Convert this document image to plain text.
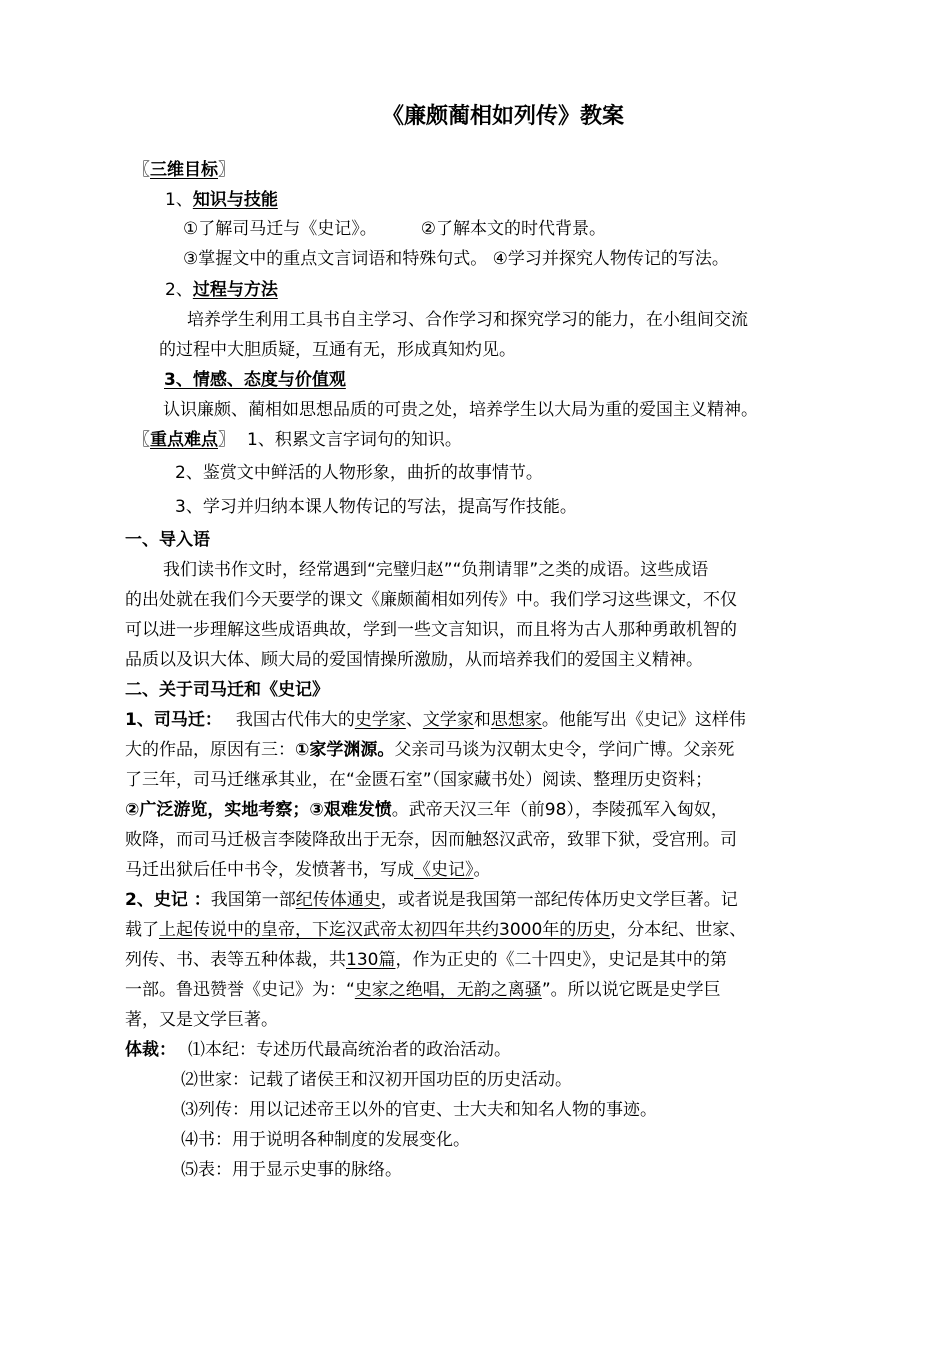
《廉颇蔺相如列传》教案
〖三维目标〗
1、知识与技能
①了解司马迁与《史记》。	②了解本文的时代背景。
③掌握文中的重点文言词语和特殊句式。 ④学习并探究人物传记的写法。
2、过程与方法
培养学生利用工具书自主学习、合作学习和探究学习的能力，在小组间交流
的过程中大胆质疑，互通有无，形成真知灼见。
3、情感、态度与价值观
认识廉颇、蔺相如思想品质的可贵之处，培养学生以大局为重的爱国主义精神。
〖重点难点〗 1、积累文言字词句的知识。
2、鉴赏文中鲜活的人物形象，曲折的故事情节。
3、学习并归纳本课人物传记的写法，提高写作技能。
一、导入语
我们读书作文时，经常遇到“完璧归赵”“负荆请罪”之类的成语。这些成语
的出处就在我们今天要学的课文《廉颇蔺相如列传》中。我们学习这些课文，不仅
可以进一步理解这些成语典故，学到一些文言知识，而且将为古人那种勇敢机智的
品质以及识大体、顾大局的爱国情操所激励，从而培养我们的爱国主义精神。
二、关于司马迁和《史记》
1、司马迁： 我国古代伟大的史学家、文学家和思想家。他能写出《史记》这样伟
大的作品，原因有三：①家学渊源。父亲司马谈为汉朝太史令，学问广博。父亲死
了三年，司马迁继承其业，在“金匮石室”（国家藏书处）阅读、整理历史资料；
②广泛游览，实地考察；③艰难发愤。武帝天汉三年（前98），李陵孤军入匈奴，
败降，而司马迁极言李陵降敌出于无奈，因而触怒汉武帝，致罪下狱，受宫刑。司
马迁出狱后任中书令，发愤著书，写成《史记》。
2、史记 ：我国第一部纪传体通史，或者说是我国第一部纪传体历史文学巨著。记
载了上起传说中的皇帝，下迄汉武帝太初四年共约3000年的历史，分本纪、世家、
列传、书、表等五种体裁，共130篇，作为正史的《二十四史》，史记是其中的第
一部。鲁迅赞誉《史记》为：“史家之绝唱，无韵之离骚”。所以说它既是史学巨
著，又是文学巨著。
体裁： ⑴本纪：专述历代最高统治者的政治活动。
⑵世家：记载了诸侯王和汉初开国功臣的历史活动。
⑶列传：用以记述帝王以外的官吏、士大夫和知名人物的事迹。
⑷书：用于说明各种制度的发展变化。
⑸表：用于显示史事的脉络。
